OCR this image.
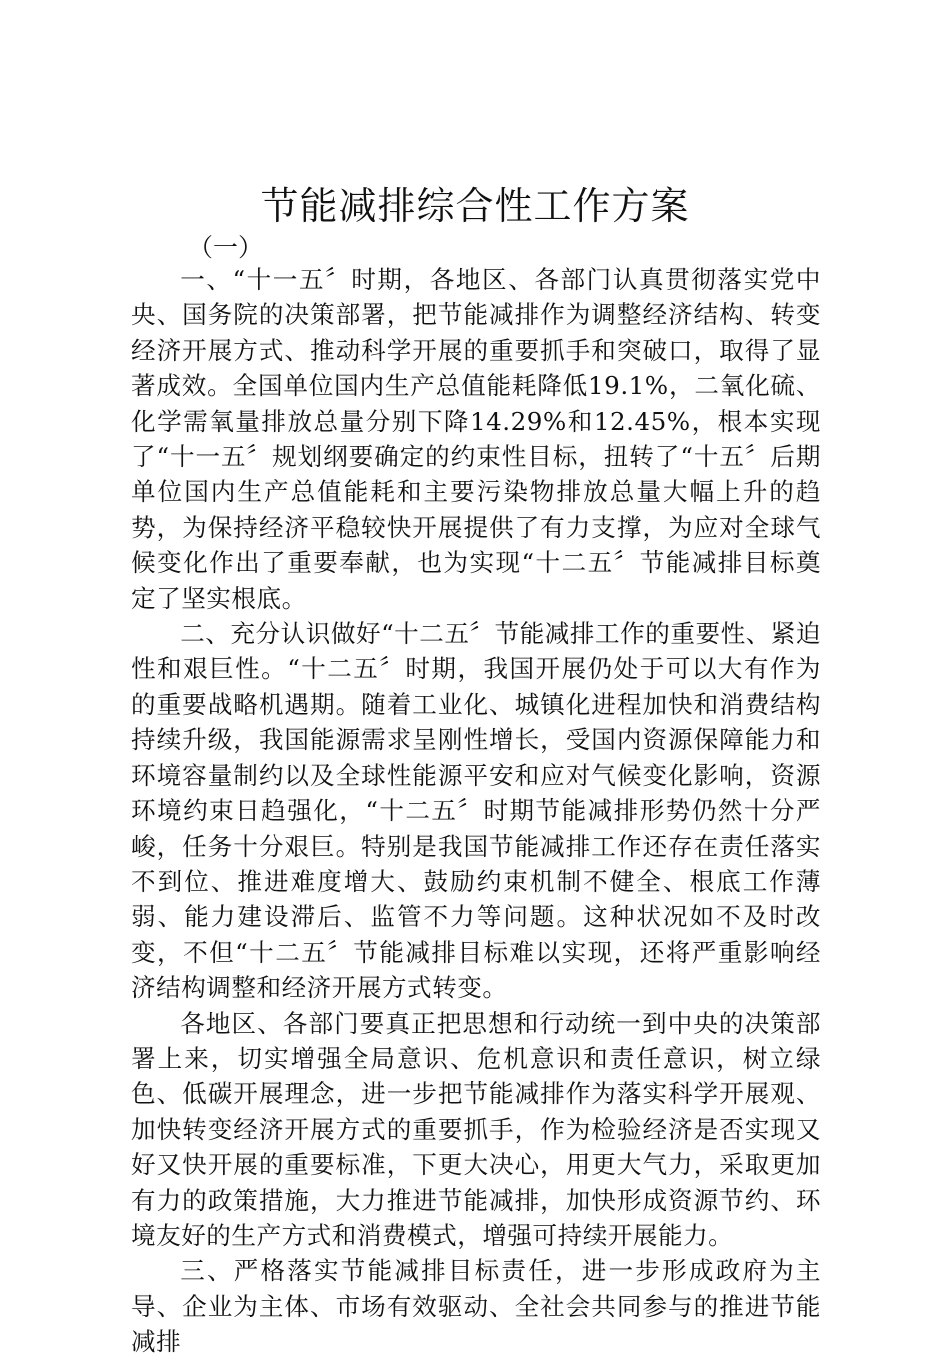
节能减排综合性工作方案

（一）

一、“十一五〞时期，各地区、各部门认真贯彻落实党中央、国务院的决策部署，把节能减排作为调整经济结构、转变经济开展方式、推动科学开展的重要抓手和突破口，取得了显著成效。全国单位国内生产总值能耗降低19.1%，二氧化硫、化学需氧量排放总量分别下降14.29%和12.45%，根本实现了“十一五〞规划纲要确定的约束性目标，扭转了“十五〞后期单位国内生产总值能耗和主要污染物排放总量大幅上升的趋势，为保持经济平稳较快开展提供了有力支撑，为应对全球气候变化作出了重要奉献，也为实现“十二五〞节能减排目标奠定了坚实根底。

二、充分认识做好“十二五〞节能减排工作的重要性、紧迫性和艰巨性。“十二五〞时期，我国开展仍处于可以大有作为的重要战略机遇期。随着工业化、城镇化进程加快和消费结构持续升级，我国能源需求呈刚性增长，受国内资源保障能力和环境容量制约以及全球性能源平安和应对气候变化影响，资源环境约束日趋强化，“十二五〞时期节能减排形势仍然十分严峻，任务十分艰巨。特别是我国节能减排工作还存在责任落实不到位、推进难度增大、鼓励约束机制不健全、根底工作薄弱、能力建设滞后、监管不力等问题。这种状况如不及时改变，不但“十二五〞节能减排目标难以实现，还将严重影响经济结构调整和经济开展方式转变。

各地区、各部门要真正把思想和行动统一到中央的决策部署上来，切实增强全局意识、危机意识和责任意识，树立绿色、低碳开展理念，进一步把节能减排作为落实科学开展观、加快转变经济开展方式的重要抓手，作为检验经济是否实现又好又快开展的重要标准，下更大决心，用更大气力，采取更加有力的政策措施，大力推进节能减排，加快形成资源节约、环境友好的生产方式和消费模式，增强可持续开展能力。

三、严格落实节能减排目标责任，进一步形成政府为主导、企业为主体、市场有效驱动、全社会共同参与的推进节能减排
